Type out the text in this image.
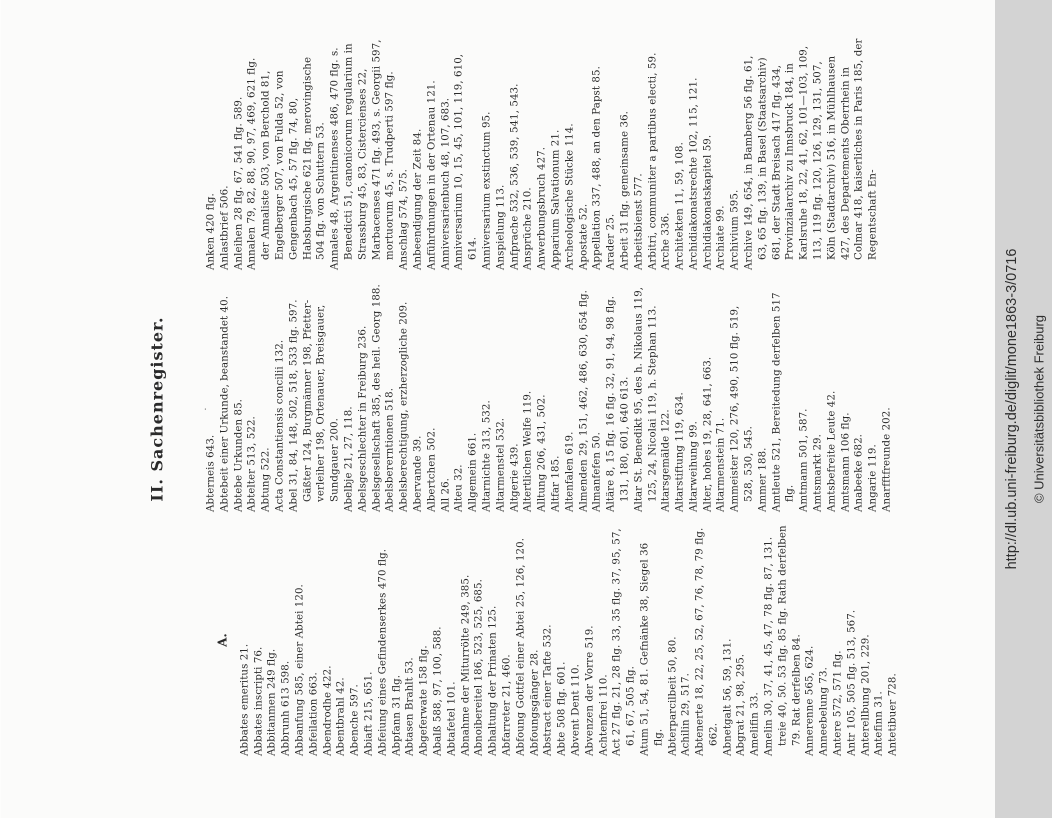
II. Sachenregister.	·
A.
Abbates emeritus 21. Abbates inscripti 76. Abbitanmen 249 flg. Abbrunh 613 598. Abbanfung 585, einer Abtei 120. Abfeilation 663. Abendrodhe 422. Abentbrahl 42. Abenche 597. Abiaft 215, 651. Abfeiung eines Gefindenserkes 470 flg. Abpfann 31 flg. Abtasen Brahlt 53. Abgeferwate 158 flg. Abalß 588, 97, 100, 588. Abtafetel 101. Abnahme der Miturrölte 249, 385. Abnoibereitel 186, 523, 525, 685. Abhaltung der Prinaten 125. Abfarreter 21, 460. Abfoung Gottfel einer Abtei 25, 126, 120. Abfoungsgänger 28. Abstract einer Tafte 532. Abte 508 flg. 601. Abvent Dent 110. Abvenzen der Vorre 519. Achtenfrei 110. Act 27 flg. 21, 28 flg. 33, 35 flg. 37, 95, 57, 61, 67, 505 flg. Atum 51, 54, 81. Gefnänke 38, Siegel 36 flg. Abterparcilbeit 50, 80. Achilin 29, 517. Abtenerte 18, 22, 25, 52, 67, 76, 78, 79 flg. 662. Abnetgalt 56, 59, 131. Abgrat 21, 98, 295. Amelifin 33. Amelin 30, 37, 41, 45, 47, 78 flg. 87, 131. treie 40, 50. 53 flg. 85 flg. Rath derfelben 79. Rat derfelben 84. Annerenne 565, 624. Anneebelung 73. Antere 572, 571 flg. Antr 105, 505 flg. 513, 567. Anterellbung 201, 229. Antefinn 31. Antetibuer 728.
Abterneis 643. Abtebeit einer Urkunde, beanstandet 40. Abtebe Urkunden 85. Abtelter 513, 522. Abtung 522. Acta Constantiensis concilii 132. Abel 31, 84, 148, 502, 518, 533 flg. 597. Gäßter 124, Burgmänner 198, Pfetter-verleiher 198, Ortenauer, Breisgauer, Sundgauer 200. Abelbje 21, 27, 118. Abelsgeschlechter in Freiburg 236. Abelsgesellschaft 385, des heil. Georg 188. Abelsbererntionen 518. Abelsberechtigung, erzherzogliche 209. Abervande 39. Albertchen 502. All 26. Alteu 32. Allgemein 661. Altarnichte 313, 532. Altarmenstel 532. Altgerie 439. Altertlichen Welfe 119. Alltung 206, 431, 502. Altfar 185. Altenfalen 619. Almenden 29, 151, 462, 486, 630, 654 flg. Almanfefen 50. Altäre 8, 15 flg. 16 flg. 32, 91, 94, 98 flg. 131, 180, 601, 640 613. Altar St. Benedikt 95, des h. Nikolaus 119, 125, 24, Nicolai 119, h. Stephan 113. Altarsgemälde 122. Altarstiftung 119, 634. Altarweihung 99. Alter, hohes 19, 28, 641, 663. Altarmenstein 71. Ammeister 120, 276, 490, 510 flg. 519, 528, 530, 545. Ammer 188. Amtleute 521, Bereitedung derfelben 517 flg. Amtmann 501, 587. Amtsmarkt 29. Amtsbefreite Leute 42. Amtsmann 106 flg. Anabeeke 682. Angarie 119. Anarfftfreunde 202.
Anken 420 flg. Anlastbrief 506. Anleihen 28 flg. 67, 541 flg. 589. Annalen 79, 82, 88, 90, 97, 469, 621 flg. der Annaliste 503, von Berchold 81, Engelberger 507, von Fulda 52, von Gengenbach 45, 57 flg. 74, 80, Habsburgische 621 flg. merovingische 504 flg. von Schuttern 53. Annales 48, Argentinenses 486, 470 flg. s. Benedicti 51, canonicorum regularium in Strassburg 45, 83, Cistercienses 22, Marbacenses 471 flg. 493, s. Georgii 597, mortuorum 45, s. Trudperti 597 flg. Anschlag 574, 575. Anbeendigung der Zeit 84. Anführdnungen in der Ortenau 121. Anniversarienbuch 48, 107, 683. Anniversarium 10, 15, 45, 101, 119, 610, 614. Anniversarium exstinctum 95. Anspielung 113. Anfprache 532, 536, 539, 541, 543. Ansprüche 210. Anwerbungsbruch 427. Apparium Salvationum 21. Archeologische Stücke 114. Apostate 52. Appellation 337, 488, an den Papst 85. Arader 25. Arbeit 31 flg. gemeinsame 36. Arbeitsbienst 577. Arbitri, communiter a partibus electi, 59. Arche 336. Architekten 11, 59, 108. Archidiakonatsrechte 102, 115, 121. Archidiakonatskapitel 59. Archiate 99. Archivium 595. Archive 149, 654, in Bamberg 56 flg. 61, 63, 65 flg. 139, in Basel (Staatsarchiv) 681, der Stadt Breisach 417 flg. 434, Provinzialarchiv zu Innsbruck 184, in Karlsruhe 18, 22, 41, 62, 101—103, 109, 113, 119 flg. 120, 126, 129, 131, 507, Köln (Stadtarchiv) 516, in Mühlhausen 427, des Departements Oberrhein in Colmar 418, kaiserliches in Paris 185, der Regentschaft En-
http://dl.ub.uni-freiburg.de/diglit/mone1863-3/0716 © Universitätsbibliothek Freiburg
